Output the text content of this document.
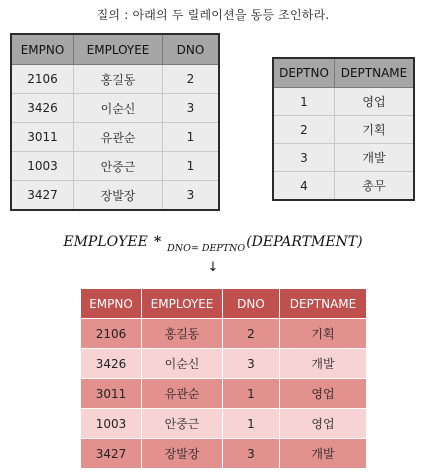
질의 : 아래의 두 릴레이션을 동등 조인하라.
EMPNO	EMPLOYEE	DNO
2106	홍길동	2
3426	이순신	3
3011	유관순	1
1003	안중근	1
3427	장발장	3
DEPTNO	DEPTNAME
1	영업
2	기획
3	개발
4	총무
EMPLOYEE * $_{DNO= DEPTNO}$(DEPARTMENT)
↓
EMPNO	EMPLOYEE	DNO	DEPTNAME
2106	홍길동	2	기획
3426	이순신	3	개발
3011	유관순	1	영업
1003	안중근	1	영업
3427	장발장	3	개발
